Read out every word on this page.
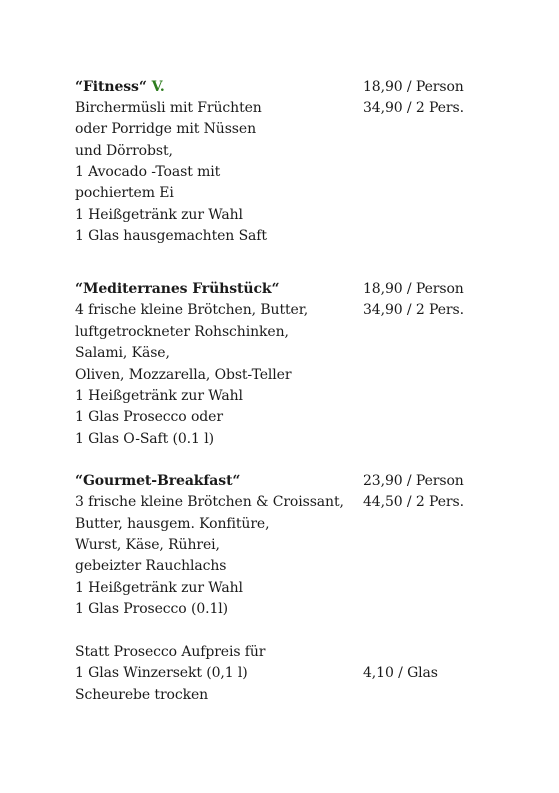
“Fitness“ V.	18,90 / Person
Birchermüsli mit Früchten	34,90 / 2 Pers.
oder Porridge mit Nüssen
und Dörrobst,
1 Avocado -Toast mit
pochiertem Ei
1 Heißgetränk zur Wahl
1 Glas hausgemachten Saft
“Mediterranes Frühstück“	18,90 / Person
4 frische kleine Brötchen, Butter,	34,90 / 2 Pers.
luftgetrockneter Rohschinken,
Salami, Käse,
Oliven, Mozzarella, Obst-Teller
1 Heißgetränk zur Wahl
1 Glas Prosecco oder
1 Glas O-Saft (0.1 l)
“Gourmet-Breakfast“	23,90 / Person
3 frische kleine Brötchen & Croissant, 44,50 / 2 Pers.
Butter, hausgem. Konfitüre,
Wurst, Käse, Rührei,
gebeizter Rauchlachs
1 Heißgetränk zur Wahl
1 Glas Prosecco (0.1l)
Statt Prosecco Aufpreis für
1 Glas Winzersekt (0,1 l)	4,10 / Glas
Scheurebe trocken
